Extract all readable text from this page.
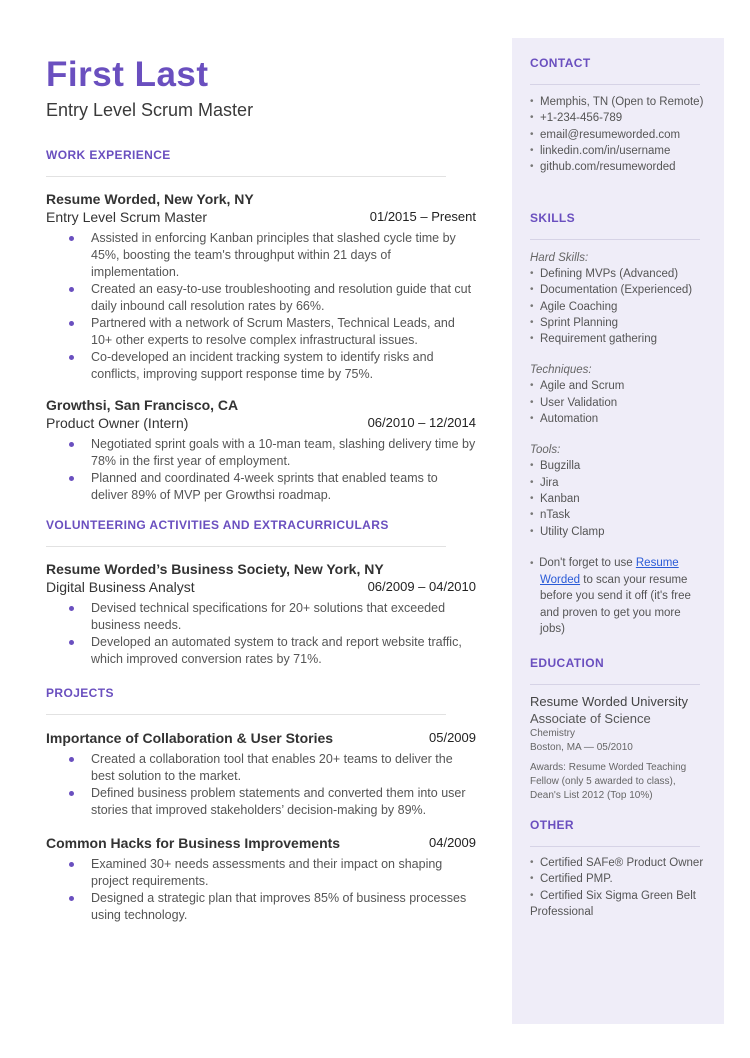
First Last
Entry Level Scrum Master
WORK EXPERIENCE
Resume Worded, New York, NY
Entry Level Scrum Master	01/2015 – Present
Assisted in enforcing Kanban principles that slashed cycle time by 45%, boosting the team's throughput within 21 days of implementation.
Created an easy-to-use troubleshooting and resolution guide that cut daily inbound call resolution rates by 66%.
Partnered with a network of Scrum Masters, Technical Leads, and 10+ other experts to resolve complex infrastructural issues.
Co-developed an incident tracking system to identify risks and conflicts, improving support response time by 75%.
Growthsi, San Francisco, CA
Product Owner (Intern)	06/2010 – 12/2014
Negotiated sprint goals with a 10-man team, slashing delivery time by 78% in the first year of employment.
Planned and coordinated 4-week sprints that enabled teams to deliver 89% of MVP per Growthsi roadmap.
VOLUNTEERING ACTIVITIES AND EXTRACURRICULARS
Resume Worded’s Business Society, New York, NY
Digital Business Analyst	06/2009 – 04/2010
Devised technical specifications for 20+ solutions that exceeded business needs.
Developed an automated system to track and report website traffic, which improved conversion rates by 71%.
PROJECTS
Importance of Collaboration & User Stories	05/2009
Created a collaboration tool that enables 20+ teams to deliver the best solution to the market.
Defined business problem statements and converted them into user stories that improved stakeholders’ decision-making by 89%.
Common Hacks for Business Improvements	04/2009
Examined 30+ needs assessments and their impact on shaping project requirements.
Designed a strategic plan that improves 85% of business processes using technology.
CONTACT
• Memphis, TN (Open to Remote)
• +1-234-456-789
• email@resumeworded.com
• linkedin.com/in/username
• github.com/resumeworded
SKILLS
Hard Skills:
• Defining MVPs (Advanced)
• Documentation (Experienced)
• Agile Coaching
• Sprint Planning
• Requirement gathering
Techniques:
• Agile and Scrum
• User Validation
• Automation
Tools:
• Bugzilla
• Jira
• Kanban
• nTask
• Utility Clamp
•  Don't forget to use Resume Worded to scan your resume before you send it off (it's free and proven to get you more jobs)
EDUCATION
Resume Worded University
Associate of Science
Chemistry
Boston, MA — 05/2010
Awards: Resume Worded Teaching Fellow (only 5 awarded to class), Dean's List 2012 (Top 10%)
OTHER
• Certified SAFe® Product Owner
• Certified PMP.
• Certified Six Sigma Green Belt
Professional
